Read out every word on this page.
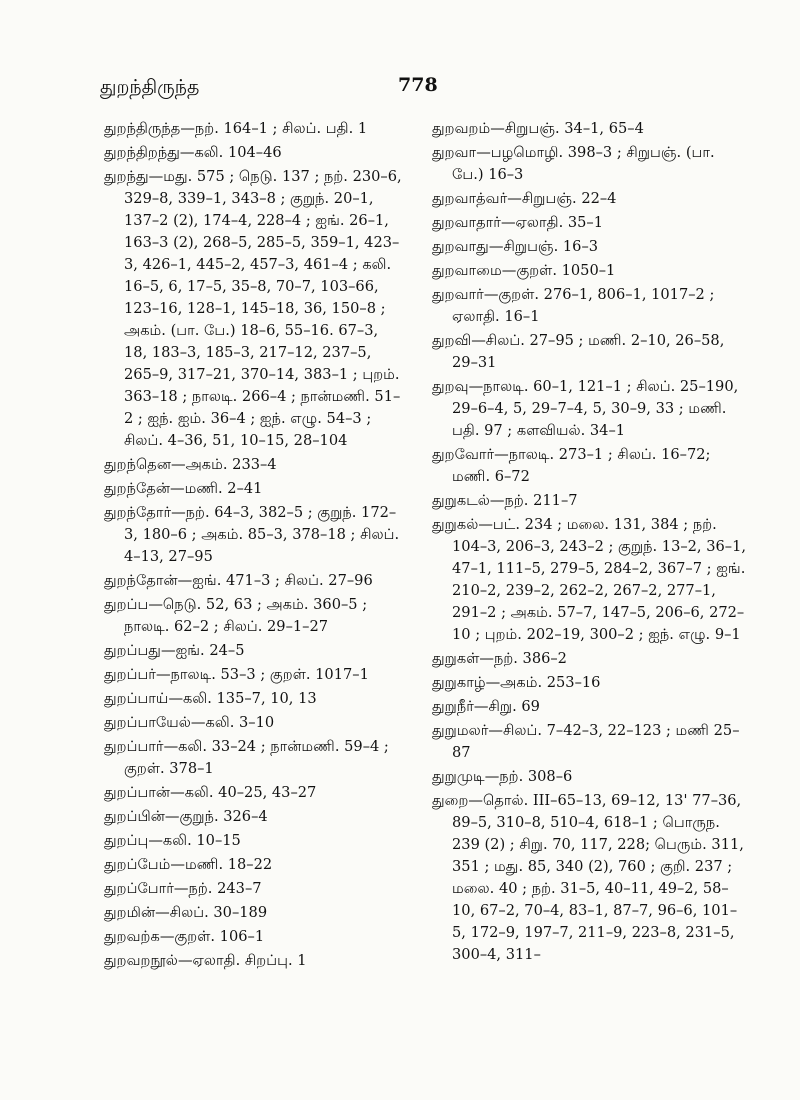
துறந்திருந்த	778
துறந்திருந்த—நற். 164–1 ; சிலப். பதி. 1
துறந்திறந்து—கலி. 104–46
துறந்து—மது. 575 ; நெடு. 137 ; நற். 230–6, 329–8, 339–1, 343–8 ; குறுந். 20–1, 137–2 (2), 174–4, 228–4 ; ஐங். 26–1, 163–3 (2), 268–5, 285–5, 359–1, 423–3, 426–1, 445–2, 457–3, 461–4 ; கலி. 16–5, 6, 17–5, 35–8, 70–7, 103–66, 123–16, 128–1, 145–18, 36, 150–8 ; அகம். (பா. பே.) 18–6, 55–16. 67–3, 18, 183–3, 185–3, 217–12, 237–5, 265–9, 317–21, 370–14, 383–1 ; புறம். 363–18 ; நாலடி. 266–4 ; நான்மணி. 51–2 ; ஐந். ஐம். 36–4 ; ஐந். எழு. 54–3 ; சிலப். 4–36, 51, 10–15, 28–104
துறந்தென—அகம். 233–4
துறந்தேன்—மணி. 2–41
துறந்தோர்—நற். 64–3, 382–5 ; குறுந். 172–3, 180–6 ; அகம். 85–3, 378–18 ; சிலப். 4–13, 27–95
துறந்தோன்—ஐங். 471–3 ; சிலப். 27–96
துறப்ப—நெடு. 52, 63 ; அகம். 360–5 ; நாலடி. 62–2 ; சிலப். 29–1–27
துறப்பது—ஐங். 24–5
துறப்பர்—நாலடி. 53–3 ; குறள். 1017–1
துறப்பாய்—கலி. 135–7, 10, 13
துறப்பாயேல்—கலி. 3–10
துறப்பார்—கலி. 33–24 ; நான்மணி. 59–4 ; குறள். 378–1
துறப்பான்—கலி. 40–25, 43–27
துறப்பின்—குறுந். 326–4
துறப்பு—கலி. 10–15
துறப்பேம்—மணி. 18–22
துறப்போர்—நற். 243–7
துறமின்—சிலப். 30–189
துறவற்க—குறள். 106–1
துறவறநூல்—ஏலாதி. சிறப்பு. 1
துறவறம்—சிறுபஞ். 34–1, 65–4
துறவா—பழமொழி. 398–3 ; சிறுபஞ். (பா. பே.) 16–3
துறவாத்வர்—சிறுபஞ். 22–4
துறவாதார்—ஏலாதி. 35–1
துறவாது—சிறுபஞ். 16–3
துறவாமை—குறள். 1050–1
துறவார்—குறள். 276–1, 806–1, 1017–2 ; ஏலாதி. 16–1
துறவி—சிலப். 27–95 ; மணி. 2–10, 26–58, 29–31
துறவு—நாலடி. 60–1, 121–1 ; சிலப். 25–190, 29–6–4, 5, 29–7–4, 5, 30–9, 33 ; மணி. பதி. 97 ; களவியல். 34–1
துறவோர்—நாலடி. 273–1 ; சிலப். 16–72; மணி. 6–72
துறுகடல்—நற். 211–7
துறுகல்—பட். 234 ; மலை. 131, 384 ; நற். 104–3, 206–3, 243–2 ; குறுந். 13–2, 36–1, 47–1, 111–5, 279–5, 284–2, 367–7 ; ஐங். 210–2, 239–2, 262–2, 267–2, 277–1, 291–2 ; அகம். 57–7, 147–5, 206–6, 272–10 ; புறம். 202–19, 300–2 ; ஐந். எழு. 9–1
துறுகள்—நற். 386–2
துறுகாழ்—அகம். 253–16
துறுநீர்—சிறு. 69
துறுமலர்—சிலப். 7–42–3, 22–123 ; மணி 25–87
துறுமுடி—நற். 308–6
துறை—தொல். III–65–13, 69–12, 13' 77–36, 89–5, 310–8, 510–4, 618–1 ; பொருந. 239 (2) ; சிறு. 70, 117, 228; பெரும். 311, 351 ; மது. 85, 340 (2), 760 ; குறி. 237 ; மலை. 40 ; நற். 31–5, 40–11, 49–2, 58–10, 67–2, 70–4, 83–1, 87–7, 96–6, 101–5, 172–9, 197–7, 211–9, 223–8, 231–5, 300–4, 311–
